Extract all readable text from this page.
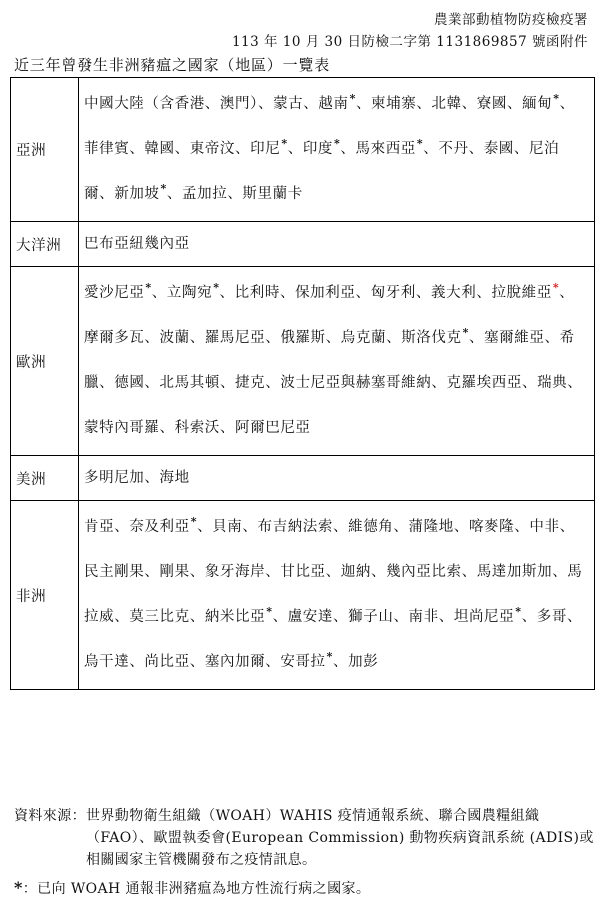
農業部動植物防疫檢疫署
113 年 10 月 30 日防檢二字第 1131869857 號函附件
近三年曾發生非洲豬瘟之國家（地區）一覽表
亞洲	中國大陸（含香港、澳門）、蒙古、越南*、柬埔寨、北韓、寮國、緬甸*、菲律賓、韓國、東帝汶、印尼*、印度*、馬來西亞*、不丹、泰國、尼泊爾、新加坡*、孟加拉、斯里蘭卡
大洋洲	巴布亞紐幾內亞
歐洲	愛沙尼亞*、立陶宛*、比利時、保加利亞、匈牙利、義大利、拉脫維亞*、摩爾多瓦、波蘭、羅馬尼亞、俄羅斯、烏克蘭、斯洛伐克*、塞爾維亞、希臘、德國、北馬其頓、捷克、波士尼亞與赫塞哥維納、克羅埃西亞、瑞典、蒙特內哥羅、科索沃、阿爾巴尼亞
美洲	多明尼加、海地
非洲	肯亞、奈及利亞*、貝南、布吉納法索、維德角、蒲隆地、喀麥隆、中非、民主剛果、剛果、象牙海岸、甘比亞、迦納、幾內亞比索、馬達加斯加、馬拉威、莫三比克、納米比亞*、盧安達、獅子山、南非、坦尚尼亞*、多哥、烏干達、尚比亞、塞內加爾、安哥拉*、加彭
資料來源： 世界動物衛生組織（WOAH）WAHIS 疫情通報系統、聯合國農糧組織（FAO）、歐盟執委會(European Commission) 動物疾病資訊系統 (ADIS)或相關國家主管機關發布之疫情訊息。
*：已向 WOAH 通報非洲豬瘟為地方性流行病之國家。
